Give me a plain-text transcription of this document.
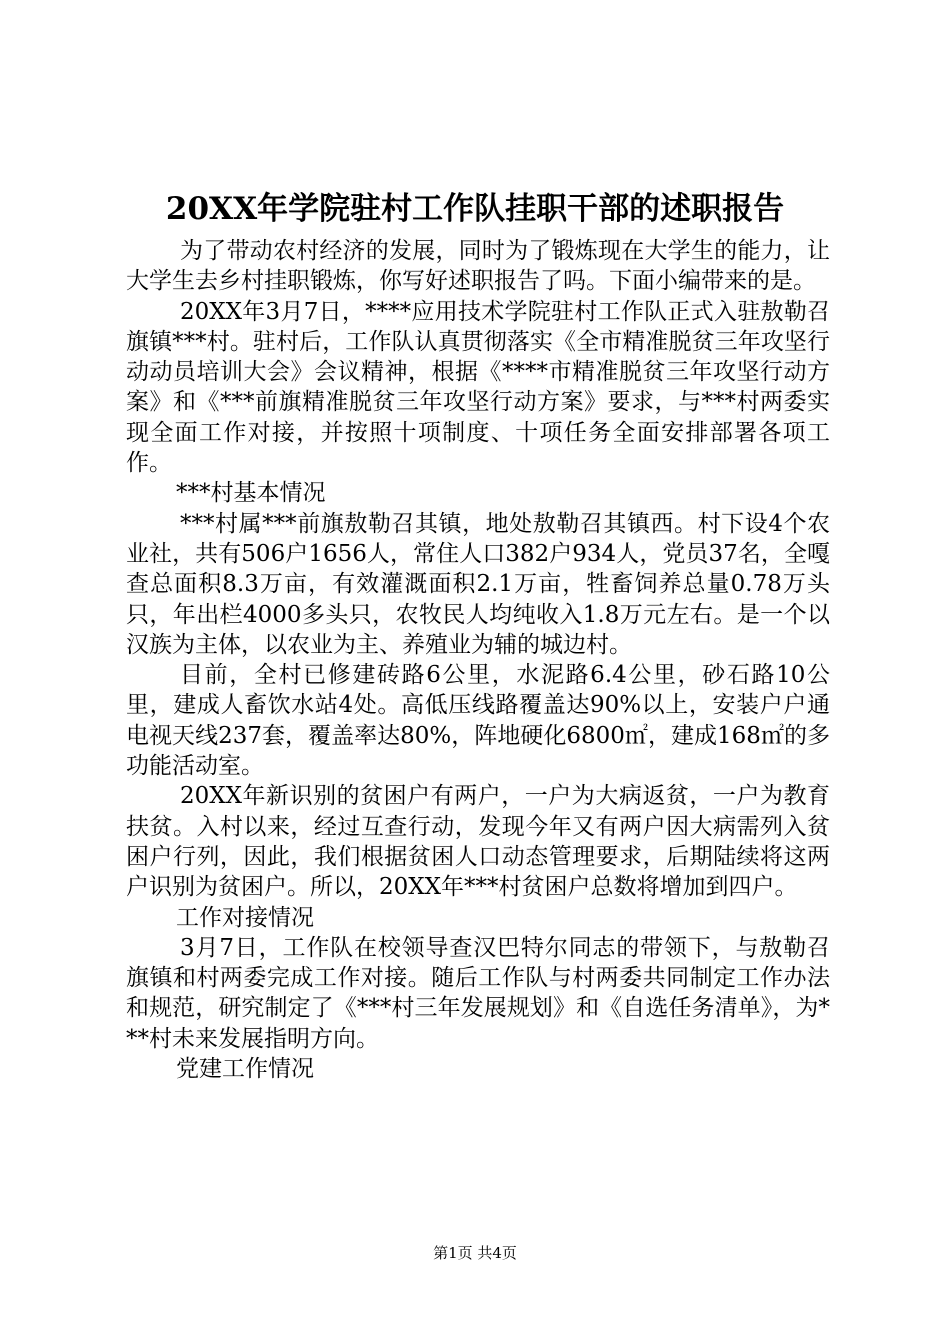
20XX年学院驻村工作队挂职干部的述职报告

为了带动农村经济的发展，同时为了锻炼现在大学生的能力，让大学生去乡村挂职锻炼，你写好述职报告了吗。下面小编带来的是。

20XX年3月7日，****应用技术学院驻村工作队正式入驻敖勒召旗镇***村。驻村后，工作队认真贯彻落实《全市精准脱贫三年攻坚行动动员培训大会》会议精神，根据《****市精准脱贫三年攻坚行动方案》和《***前旗精准脱贫三年攻坚行动方案》要求，与***村两委实现全面工作对接，并按照十项制度、十项任务全面安排部署各项工作。

***村基本情况

***村属***前旗敖勒召其镇，地处敖勒召其镇西。村下设4个农业社，共有506户1656人，常住人口382户934人，党员37名，全嘎查总面积8.3万亩，有效灌溉面积2.1万亩，牲畜饲养总量0.78万头只，年出栏4000多头只，农牧民人均纯收入1.8万元左右。是一个以汉族为主体，以农业为主、养殖业为辅的城边村。

目前，全村已修建砖路6公里，水泥路6.4公里，砂石路10公里，建成人畜饮水站4处。高低压线路覆盖达90%以上，安装户户通电视天线237套，覆盖率达80%，阵地硬化6800㎡，建成168㎡的多功能活动室。

20XX年新识别的贫困户有两户，一户为大病返贫，一户为教育扶贫。入村以来，经过互查行动，发现今年又有两户因大病需列入贫困户行列，因此，我们根据贫困人口动态管理要求，后期陆续将这两户识别为贫困户。所以，20XX年***村贫困户总数将增加到四户。

工作对接情况

3月7日，工作队在校领导查汉巴特尔同志的带领下，与敖勒召旗镇和村两委完成工作对接。随后工作队与村两委共同制定工作办法和规范，研究制定了《***村三年发展规划》和《自选任务清单》，为***村未来发展指明方向。

党建工作情况

第1页 共4页
